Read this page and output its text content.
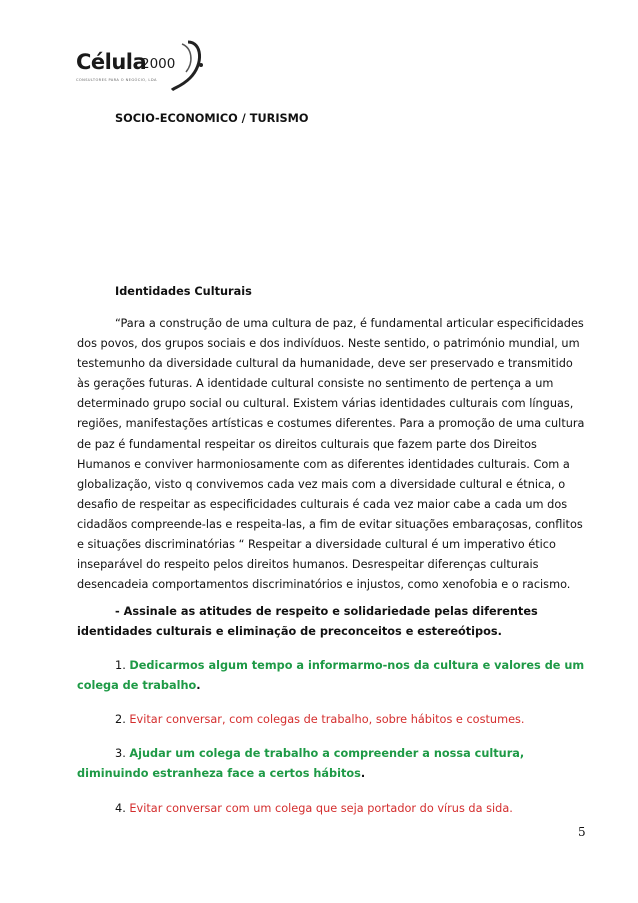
Célula
2000
CONSULTORES PARA O NEGÓCIO, LDA
SOCIO-ECONOMICO / TURISMO
Identidades Culturais
“Para a construção de uma cultura de paz, é fundamental articular especificidades dos povos, dos grupos sociais e dos indivíduos. Neste sentido, o património mundial, um testemunho da diversidade cultural da humanidade, deve ser preservado e transmitido às gerações futuras. A identidade cultural consiste no sentimento de pertença a um determinado grupo social ou cultural. Existem várias identidades culturais com línguas, regiões, manifestações artísticas e costumes diferentes. Para a promoção de uma cultura de paz é fundamental respeitar os direitos culturais que fazem parte dos Direitos Humanos e conviver harmoniosamente com as diferentes identidades culturais. Com a globalização, visto q convivemos cada vez mais com a diversidade cultural e étnica, o desafio de respeitar as especificidades culturais é cada vez maior cabe a cada um dos cidadãos compreende-las e respeita-las, a fim de evitar situações embaraçosas, conflitos e situações discriminatórias “ Respeitar a diversidade cultural é um imperativo ético inseparável do respeito pelos direitos humanos. Desrespeitar diferenças culturais desencadeia comportamentos discriminatórios e injustos, como xenofobia e o racismo.
- Assinale as atitudes de respeito e solidariedade pelas diferentes identidades culturais e eliminação de preconceitos e estereótipos.
1. Dedicarmos algum tempo a informarmo-nos da cultura e valores de um colega de trabalho.
2. Evitar conversar, com colegas de trabalho, sobre hábitos e costumes.
3. Ajudar um colega de trabalho a compreender a nossa cultura, diminuindo estranheza face a certos hábitos.
4. Evitar conversar com um colega que seja portador do vírus da sida.
5
